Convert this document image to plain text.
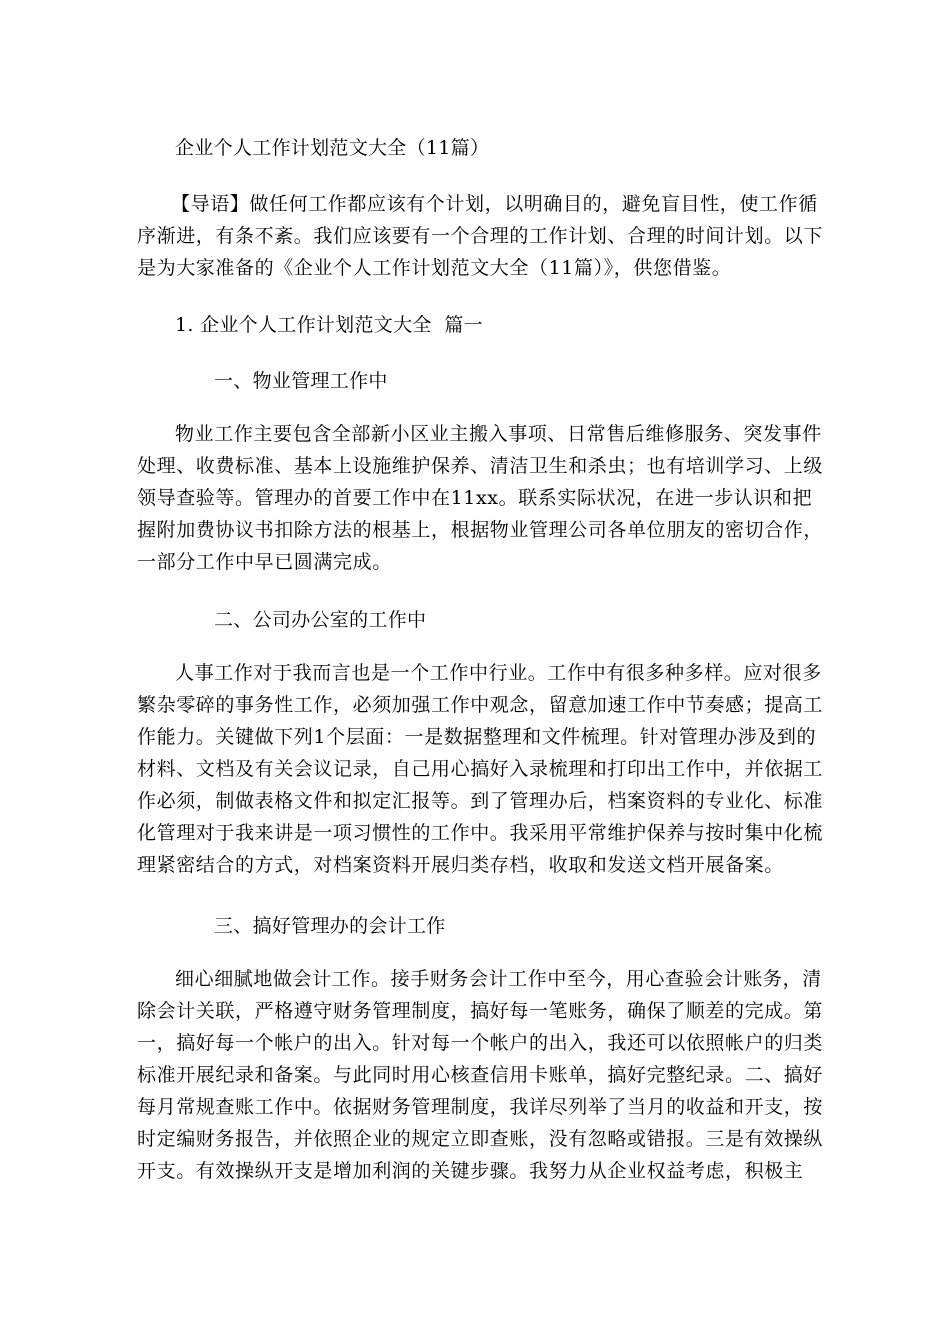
企业个人工作计划范文大全（11篇）
【导语】做任何工作都应该有个计划，以明确目的，避免盲目性，使工作循序渐进，有条不紊。我们应该要有一个合理的工作计划、合理的时间计划。以下是为大家准备的《企业个人工作计划范文大全（11篇）》，供您借鉴。
1. 企业个人工作计划范文大全  篇一
一、物业管理工作中
物业工作主要包含全部新小区业主搬入事项、日常售后维修服务、突发事件处理、收费标准、基本上设施维护保养、清洁卫生和杀虫；也有培训学习、上级领导查验等。管理办的首要工作中在11xx。联系实际状况，在进一步认识和把握附加费协议书扣除方法的根基上，根据物业管理公司各单位朋友的密切合作，一部分工作中早已圆满完成。
二、公司办公室的工作中
人事工作对于我而言也是一个工作中行业。工作中有很多种多样。应对很多繁杂零碎的事务性工作，必须加强工作中观念，留意加速工作中节奏感；提高工作能力。关键做下列1个层面：一是数据整理和文件梳理。针对管理办涉及到的材料、文档及有关会议记录，自己用心搞好入录梳理和打印出工作中，并依据工作必须，制做表格文件和拟定汇报等。到了管理办后，档案资料的专业化、标准化管理对于我来讲是一项习惯性的工作中。我采用平常维护保养与按时集中化梳理紧密结合的方式，对档案资料开展归类存档，收取和发送文档开展备案。
三、搞好管理办的会计工作
细心细腻地做会计工作。接手财务会计工作中至今，用心查验会计账务，清除会计关联，严格遵守财务管理制度，搞好每一笔账务，确保了顺差的完成。第一，搞好每一个帐户的出入。针对每一个帐户的出入，我还可以依照帐户的归类标准开展纪录和备案。与此同时用心核查信用卡账单，搞好完整纪录。二、搞好每月常规查账工作中。依据财务管理制度，我详尽列举了当月的收益和开支，按时定编财务报告，并依照企业的规定立即查账，没有忽略或错报。三是有效操纵开支。有效操纵开支是增加利润的关键步骤。我努力从企业权益考虑，积极主
